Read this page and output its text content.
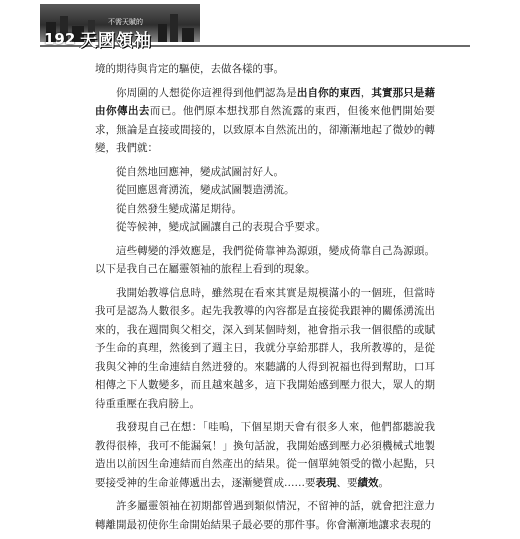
192
不需天賦的
天國領袖

境的期待與肯定的驅使，去做各樣的事。

你周圍的人想從你這裡得到他們認為是出自你的東西，其實那只是藉由你傳出去而已。他們原本想找那自然流露的東西，但後來他們開始要求，無論是直接或間接的，以致原本自然流出的，卻漸漸地起了微妙的轉變，我們就：

從自然地回應神，變成試圖討好人。
從回應恩膏湧流，變成試圖製造湧流。
從自然發生變成滿足期待。
從等候神，變成試圖讓自己的表現合乎要求。

這些轉變的淨效應是，我們從倚靠神為源頭，變成倚靠自己為源頭。以下是我自己在屬靈領袖的旅程上看到的現象。

我開始教導信息時，雖然現在看來其實是規模滿小的一個班，但當時我可是認為人數很多。起先我教導的內容都是直接從我跟神的關係湧流出來的，我在週間與父相交，深入到某個時刻，祂會指示我一個很酷的或賦予生命的真理，然後到了週主日，我就分享給那群人，我所教導的，是從我與父神的生命連結自然迸發的。來聽講的人得到祝福也得到幫助，口耳相傳之下人數變多，而且越來越多，這下我開始感到壓力很大，眾人的期待重重壓在我肩膀上。

我發現自己在想：「哇嗚，下個星期天會有很多人來，他們都聽說我教得很棒，我可不能漏氣！」換句話說，我開始感到壓力必須機械式地製造出以前因生命連結而自然產出的結果。從一個單純領受的微小起點，只要接受神的生命並傳遞出去，逐漸變質成……要表現、要績效。

許多屬靈領袖在初期都曾遇到類似情況，不留神的話，就會把注意力轉離開最初使你生命開始結果子最必要的那件事。你會漸漸地讓求表現的
